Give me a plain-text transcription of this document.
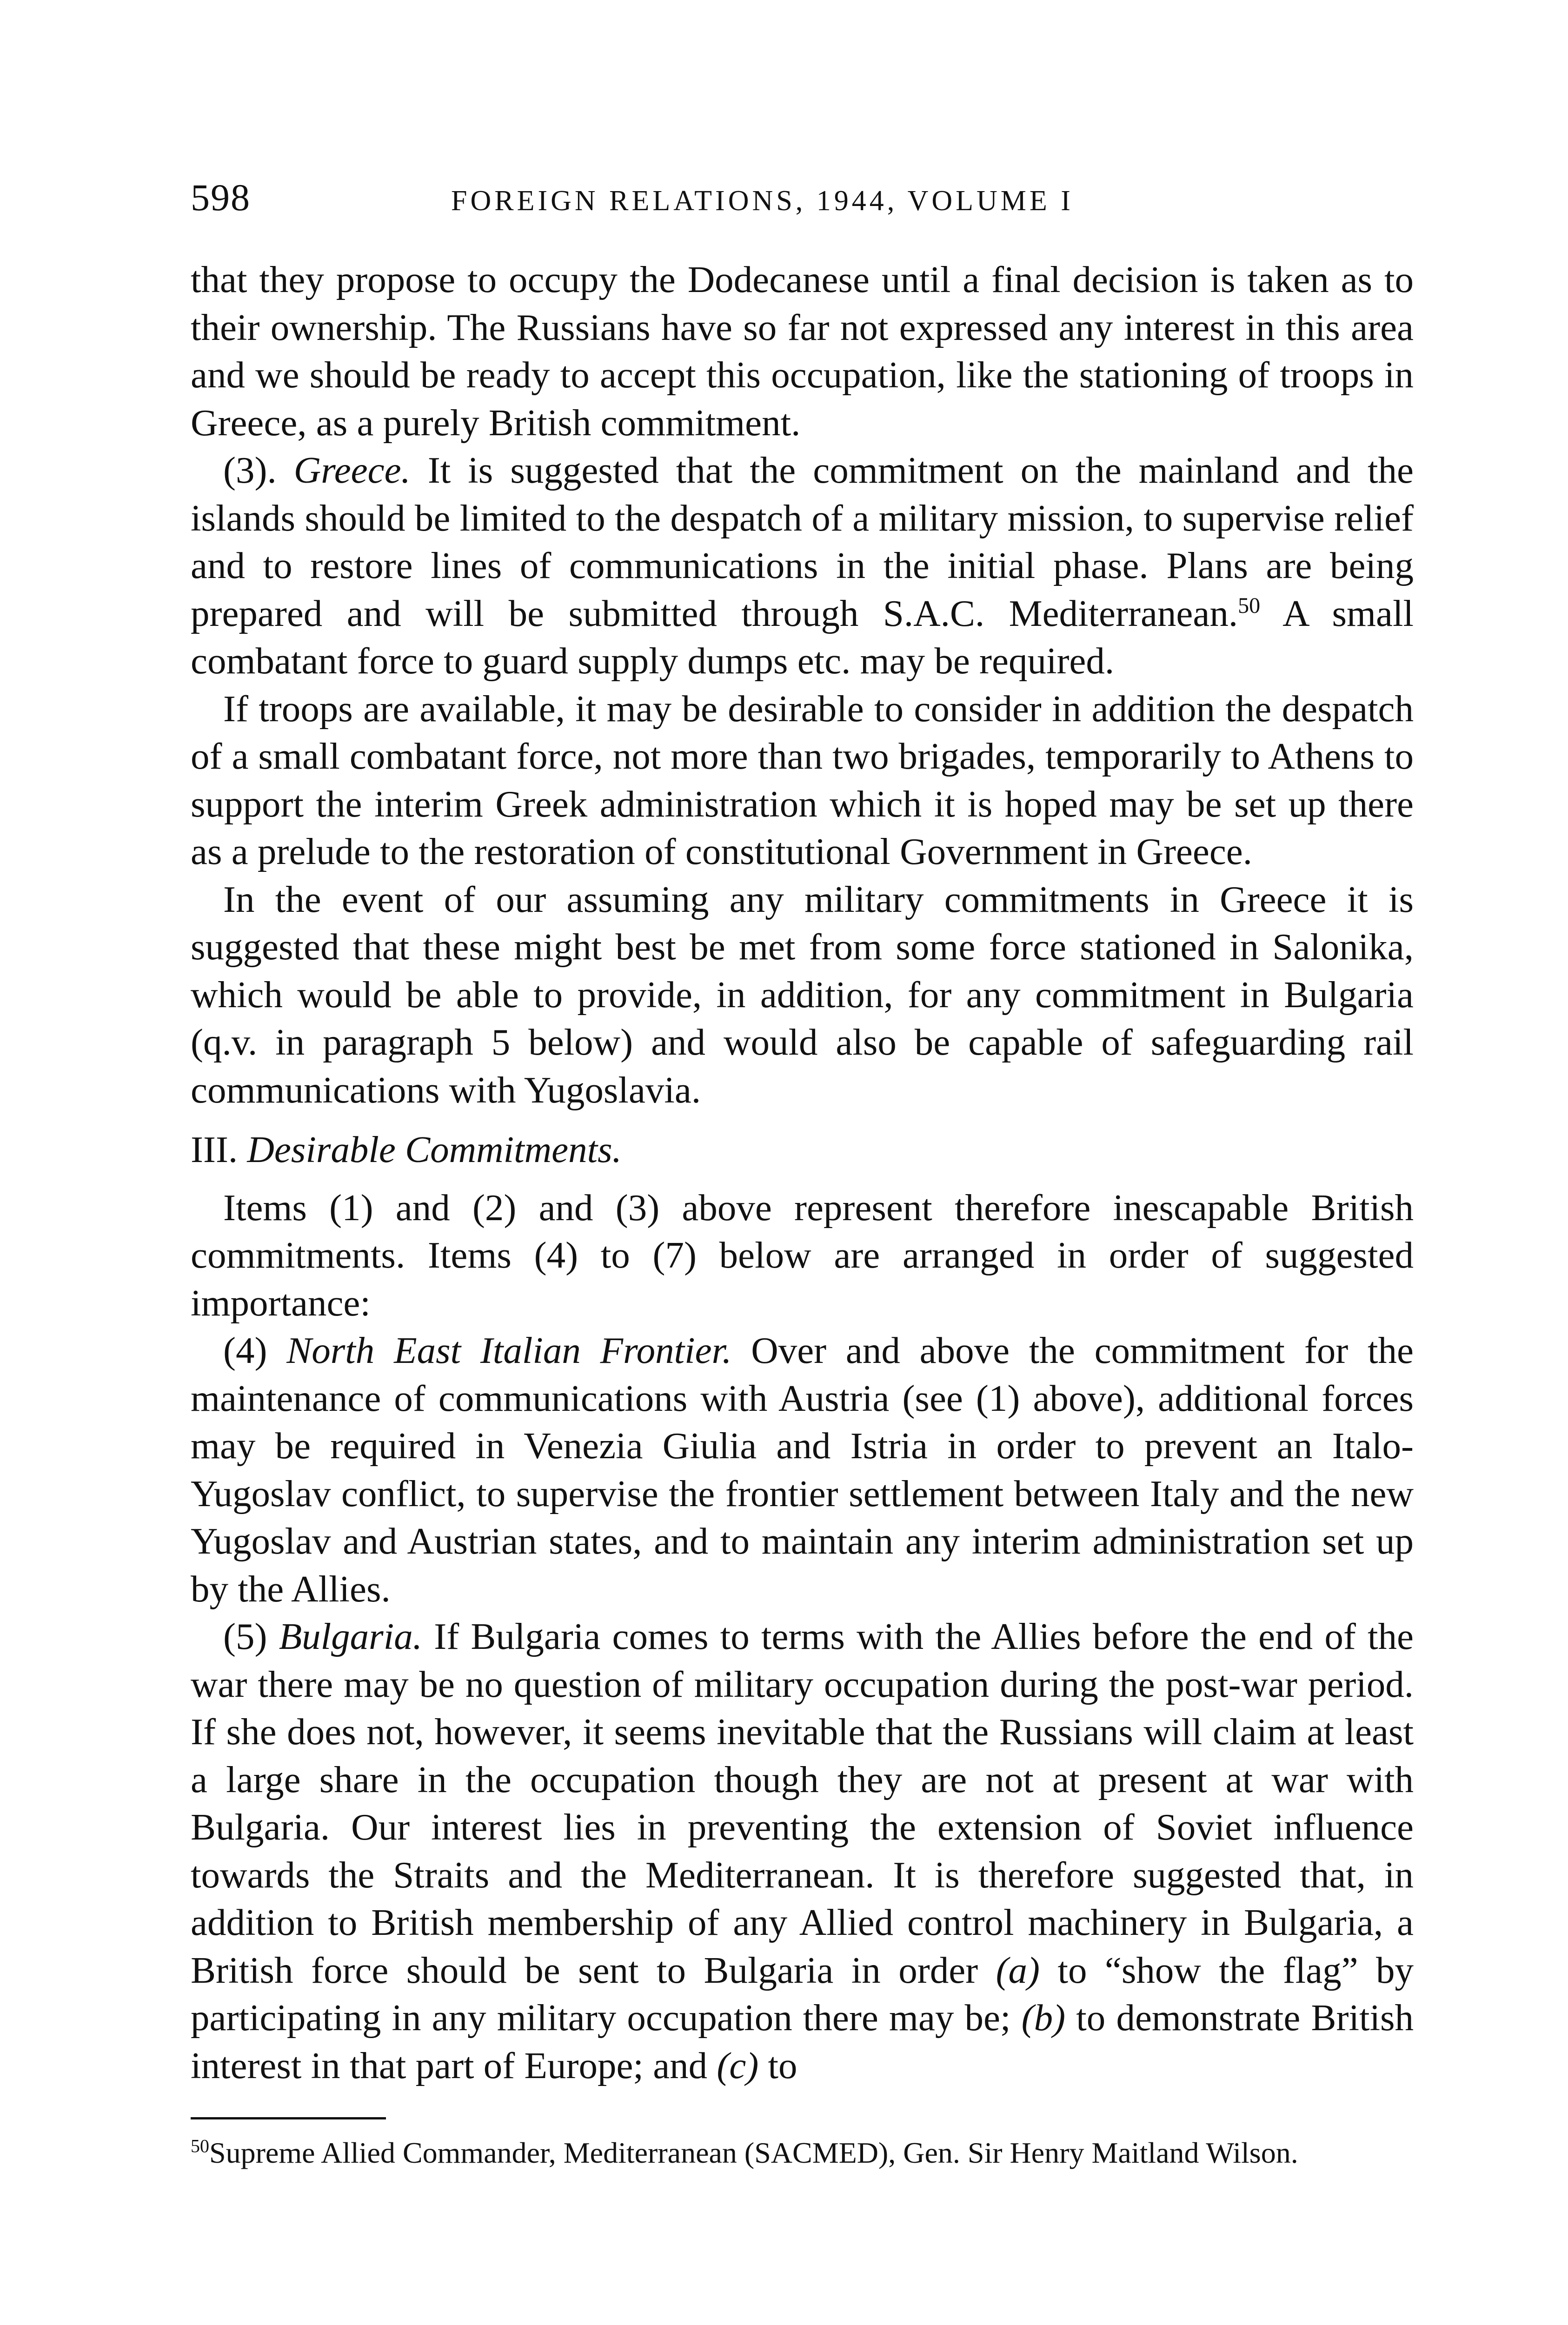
598	FOREIGN RELATIONS, 1944, VOLUME I

that they propose to occupy the Dodecanese until a final decision is taken as to their ownership. The Russians have so far not expressed any interest in this area and we should be ready to accept this occupation, like the stationing of troops in Greece, as a purely British commitment.

(3). Greece. It is suggested that the commitment on the mainland and the islands should be limited to the despatch of a military mission, to supervise relief and to restore lines of communications in the initial phase. Plans are being prepared and will be submitted through S.A.C. Mediterranean.$^{50}$ A small combatant force to guard supply dumps etc. may be required.

If troops are available, it may be desirable to consider in addition the despatch of a small combatant force, not more than two brigades, temporarily to Athens to support the interim Greek administration which it is hoped may be set up there as a prelude to the restoration of constitutional Government in Greece.

In the event of our assuming any military commitments in Greece it is suggested that these might best be met from some force stationed in Salonika, which would be able to provide, in addition, for any commitment in Bulgaria (q.v. in paragraph 5 below) and would also be capable of safeguarding rail communications with Yugoslavia.

III. Desirable Commitments.

Items (1) and (2) and (3) above represent therefore inescapable British commitments. Items (4) to (7) below are arranged in order of suggested importance:

(4) North East Italian Frontier. Over and above the commitment for the maintenance of communications with Austria (see (1) above), additional forces may be required in Venezia Giulia and Istria in order to prevent an Italo-Yugoslav conflict, to supervise the frontier settlement between Italy and the new Yugoslav and Austrian states, and to maintain any interim administration set up by the Allies.

(5) Bulgaria. If Bulgaria comes to terms with the Allies before the end of the war there may be no question of military occupation during the post-war period. If she does not, however, it seems inevitable that the Russians will claim at least a large share in the occupation though they are not at present at war with Bulgaria. Our interest lies in preventing the extension of Soviet influence towards the Straits and the Mediterranean. It is therefore suggested that, in addition to British membership of any Allied control machinery in Bulgaria, a British force should be sent to Bulgaria in order (a) to “show the flag” by participating in any military occupation there may be; (b) to demonstrate British interest in that part of Europe; and (c) to

$^{50}$Supreme Allied Commander, Mediterranean (SACMED), Gen. Sir Henry Maitland Wilson.
